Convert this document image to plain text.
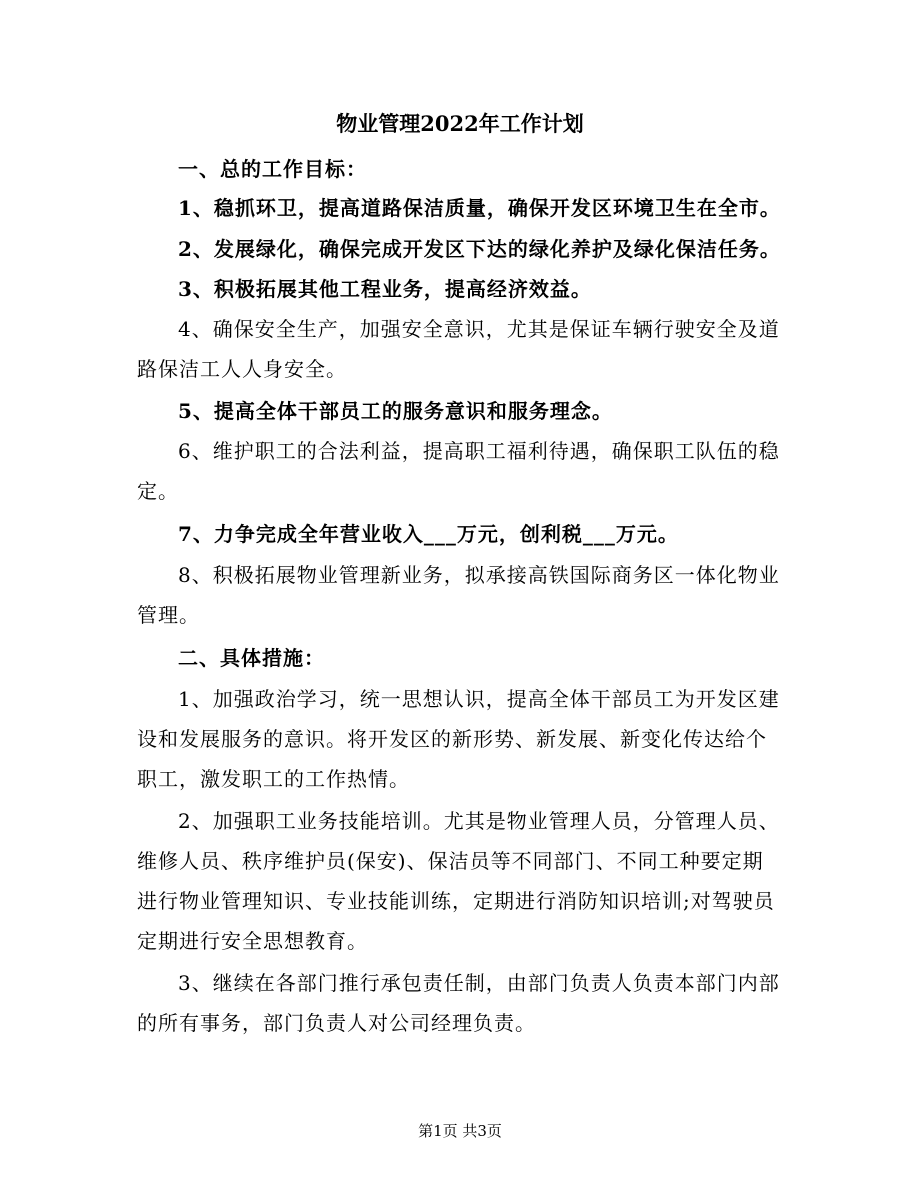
物业管理2022年工作计划

一、总的工作目标：

1、稳抓环卫，提高道路保洁质量，确保开发区环境卫生在全市。

2、发展绿化，确保完成开发区下达的绿化养护及绿化保洁任务。

3、积极拓展其他工程业务，提高经济效益。

4、确保安全生产，加强安全意识，尤其是保证车辆行驶安全及道

路保洁工人人身安全。

5、提高全体干部员工的服务意识和服务理念。

6、维护职工的合法利益，提高职工福利待遇，确保职工队伍的稳

定。

7、力争完成全年营业收入___万元，创利税___万元。

8、积极拓展物业管理新业务，拟承接高铁国际商务区一体化物业

管理。

二、具体措施：

1、加强政治学习，统一思想认识，提高全体干部员工为开发区建

设和发展服务的意识。将开发区的新形势、新发展、新变化传达给个

职工，激发职工的工作热情。

2、加强职工业务技能培训。尤其是物业管理人员，分管理人员、

维修人员、秩序维护员(保安)、保洁员等不同部门、不同工种要定期

进行物业管理知识、专业技能训练，定期进行消防知识培训;对驾驶员

定期进行安全思想教育。

3、继续在各部门推行承包责任制，由部门负责人负责本部门内部

的所有事务，部门负责人对公司经理负责。

第1页 共3页
